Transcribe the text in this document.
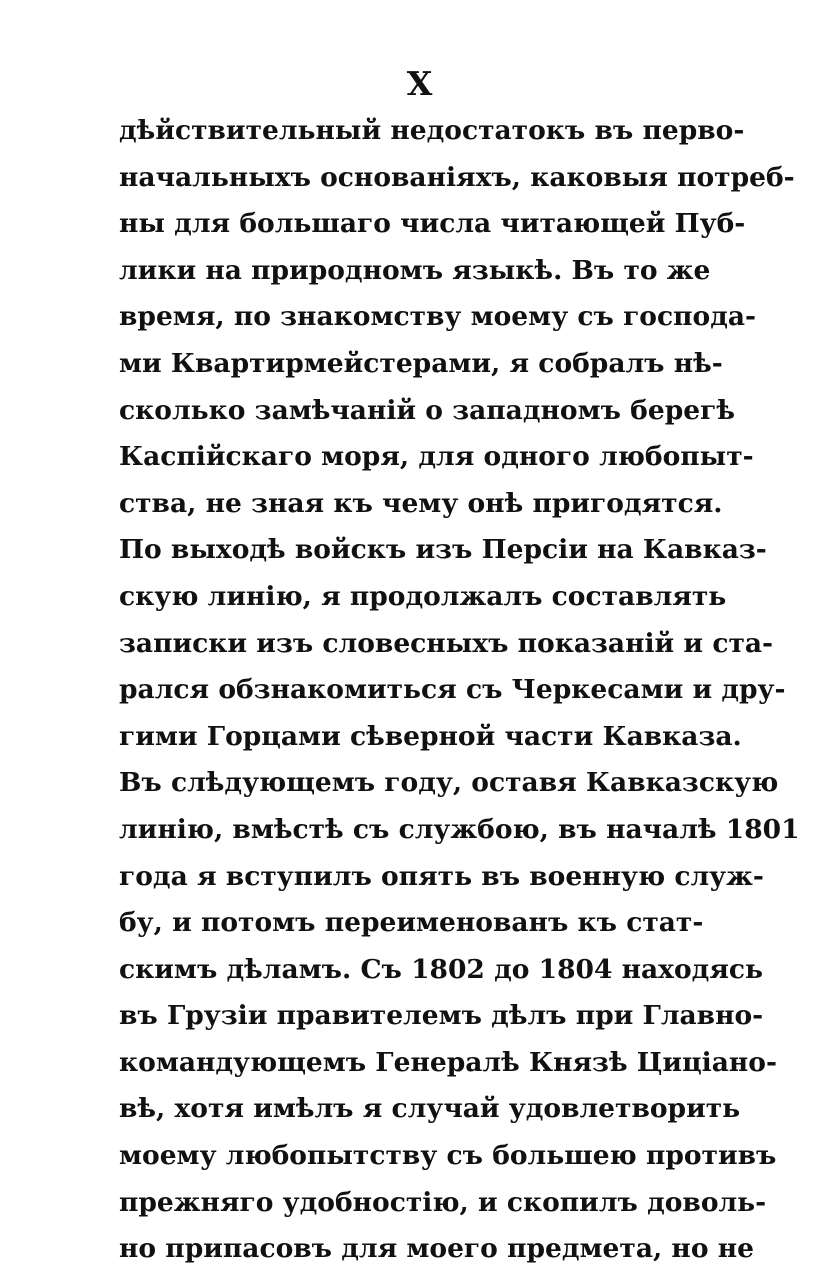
X
дѣйствительный недостатокъ въ перво-
начальныхъ основаніяхъ, каковыя потреб-
ны для большаго числа читающей Пуб-
лики на природномъ языкѣ. Въ то же
время, по знакомству моему съ господа-
ми Квартирмейстерами, я собралъ нѣ-
сколько замѣчаній о западномъ берегѣ
Каспійскаго моря, для одного любопыт-
ства, не зная къ чему онѣ пригодятся.
По выходѣ войскъ изъ Персіи на Кавказ-
скую линію, я продолжалъ составлять
записки изъ словесныхъ показаній и ста-
рался обзнакомиться съ Черкесами и дру-
гими Горцами сѣверной части Кавказа.
Въ слѣдующемъ году, оставя Кавказскую
линію, вмѣстѣ съ службою, въ началѣ 1801
года я вступилъ опять въ военную служ-
бу, и потомъ переименованъ къ стат-
скимъ дѣламъ. Съ 1802 до 1804 находясь
въ Грузіи правителемъ дѣлъ при Главно-
командующемъ Генералѣ Князѣ Циціано-
вѣ, хотя имѣлъ я случай удовлетворить
моему любопытству съ большею противъ
прежняго удобностію, и скопилъ доволь-
но припасовъ для моего предмета, но не
